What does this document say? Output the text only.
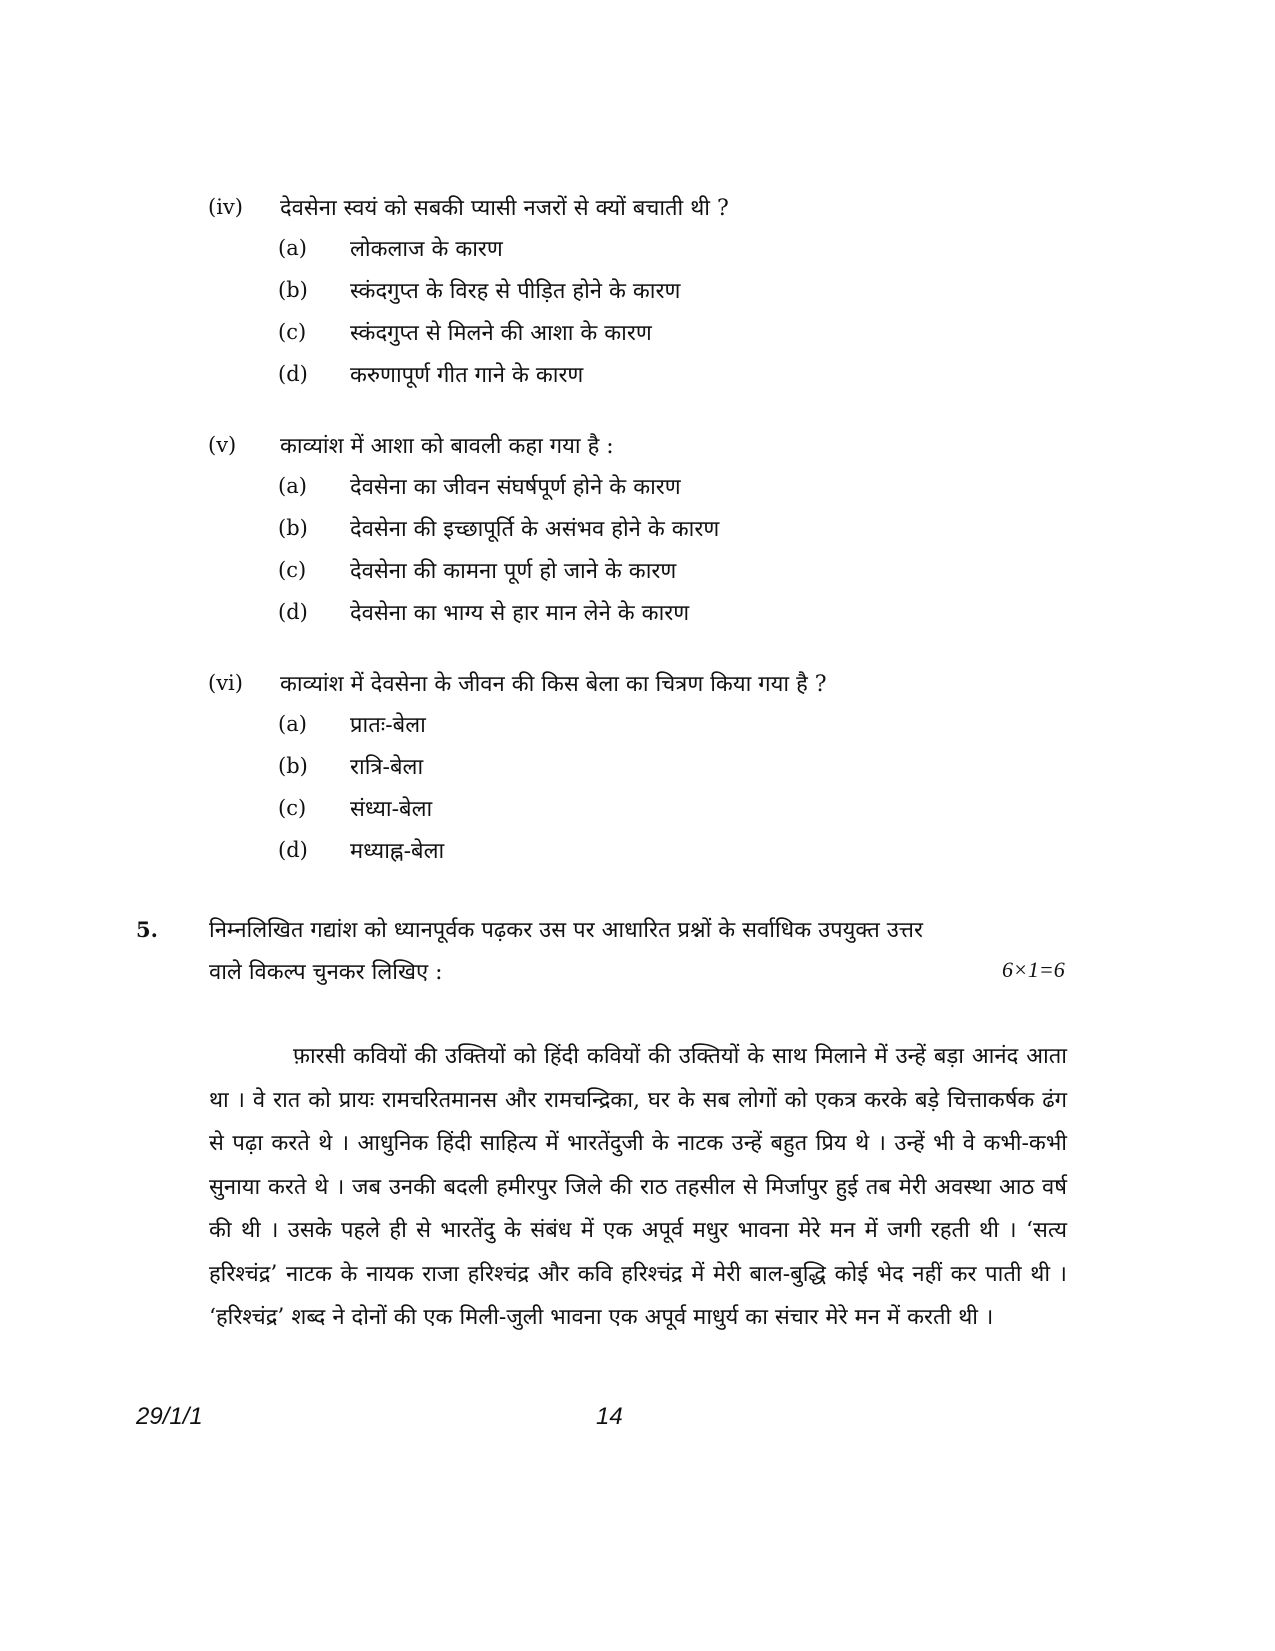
(iv) देवसेना स्वयं को सबकी प्यासी नजरों से क्यों बचाती थी ?
(a) लोकलाज के कारण
(b) स्कंदगुप्त के विरह से पीड़ित होने के कारण
(c) स्कंदगुप्त से मिलने की आशा के कारण
(d) करुणापूर्ण गीत गाने के कारण
(v) काव्यांश में आशा को बावली कहा गया है :
(a) देवसेना का जीवन संघर्षपूर्ण होने के कारण
(b) देवसेना की इच्छापूर्ति के असंभव होने के कारण
(c) देवसेना की कामना पूर्ण हो जाने के कारण
(d) देवसेना का भाग्य से हार मान लेने के कारण
(vi) काव्यांश में देवसेना के जीवन की किस बेला का चित्रण किया गया है ?
(a) प्रातः-बेला
(b) रात्रि-बेला
(c) संध्या-बेला
(d) मध्याह्न-बेला
5. निम्नलिखित गद्यांश को ध्यानपूर्वक पढ़कर उस पर आधारित प्रश्नों के सर्वाधिक उपयुक्त उत्तर
वाले विकल्प चुनकर लिखिए :	6×1=6

फ़ारसी कवियों की उक्तियों को हिंदी कवियों की उक्तियों के साथ मिलाने में उन्हें बड़ा आनंद आता था । वे रात को प्रायः रामचरितमानस और रामचन्द्रिका, घर के सब लोगों को एकत्र करके बड़े चित्ताकर्षक ढंग से पढ़ा करते थे । आधुनिक हिंदी साहित्य में भारतेंदुजी के नाटक उन्हें बहुत प्रिय थे । उन्हें भी वे कभी-कभी सुनाया करते थे । जब उनकी बदली हमीरपुर जिले की राठ तहसील से मिर्जापुर हुई तब मेरी अवस्था आठ वर्ष की थी । उसके पहले ही से भारतेंदु के संबंध में एक अपूर्व मधुर भावना मेरे मन में जगी रहती थी । ‘सत्य हरिश्चंद्र’ नाटक के नायक राजा हरिश्चंद्र और कवि हरिश्चंद्र में मेरी बाल-बुद्धि कोई भेद नहीं कर पाती थी । ‘हरिश्चंद्र’ शब्द ने दोनों की एक मिली-जुली भावना एक अपूर्व माधुर्य का संचार मेरे मन में करती थी ।

29/1/1	14
